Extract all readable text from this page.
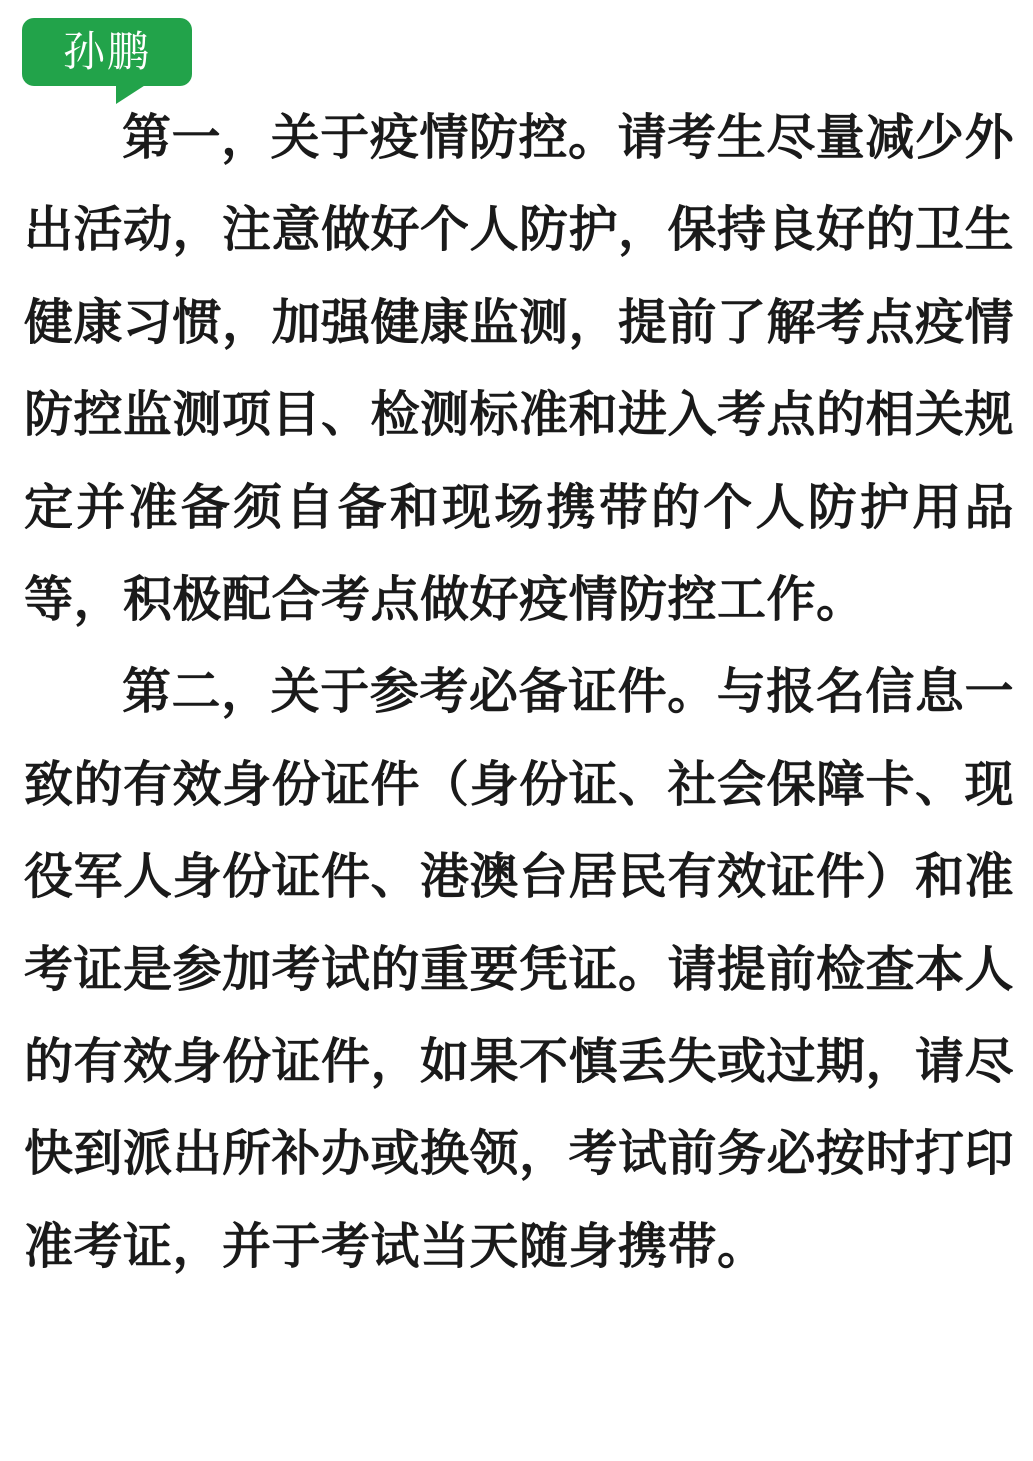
孙鹏

第一，关于疫情防控。请考生尽量减少外出活动，注意做好个人防护，保持良好的卫生健康习惯，加强健康监测，提前了解考点疫情防控监测项目、检测标准和进入考点的相关规定并准备须自备和现场携带的个人防护用品等，积极配合考点做好疫情防控工作。

第二，关于参考必备证件。与报名信息一致的有效身份证件（身份证、社会保障卡、现役军人身份证件、港澳台居民有效证件）和准考证是参加考试的重要凭证。请提前检查本人的有效身份证件，如果不慎丢失或过期，请尽快到派出所补办或换领，考试前务必按时打印准考证，并于考试当天随身携带。
